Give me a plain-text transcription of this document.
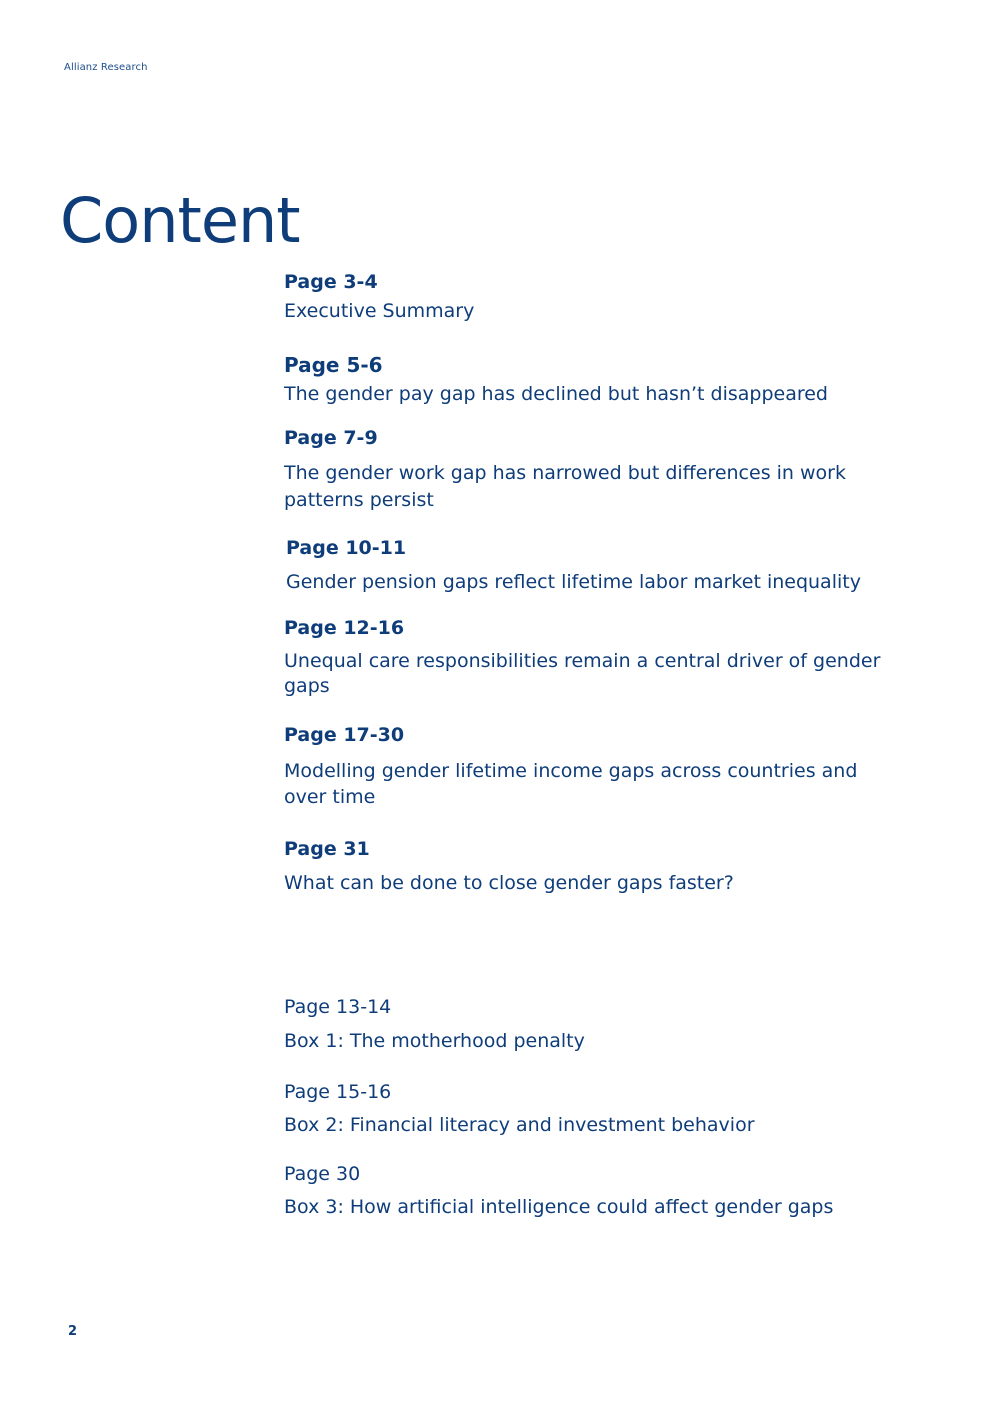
Allianz Research
Content
Page 3-4
Executive Summary
Page 5-6
The gender pay gap has declined but hasn’t disappeared
Page 7-9
The gender work gap has narrowed but differences in work patterns persist
Page 10-11
Gender pension gaps reflect lifetime labor market inequality
Page 12-16
Unequal care responsibilities remain a central driver of gender gaps
Page 17-30
Modelling gender lifetime income gaps across countries and over time
Page 31
What can be done to close gender gaps faster?
Page 13-14
Box 1: The motherhood penalty
Page 15-16
Box 2: Financial literacy and investment behavior
Page 30
Box 3: How artificial intelligence could affect gender gaps
2
